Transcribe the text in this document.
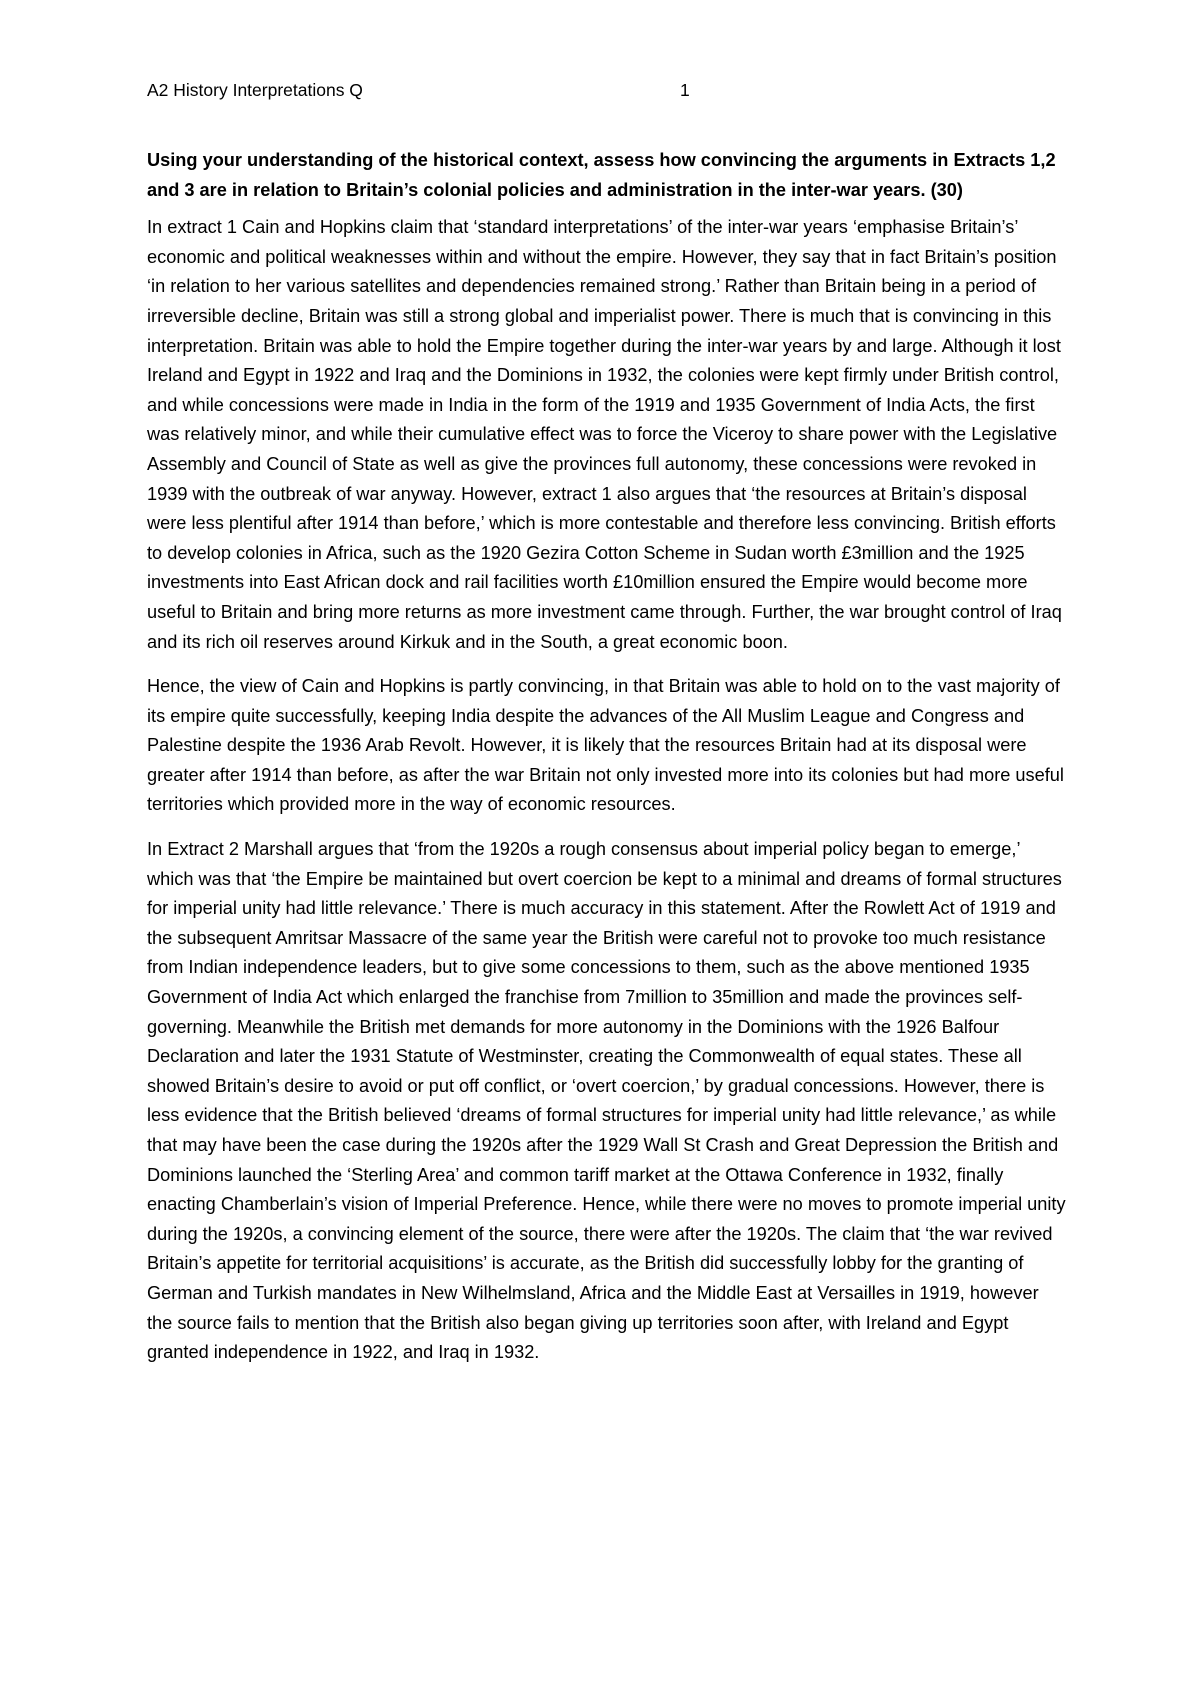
A2 History Interpretations Q	1

Using your understanding of the historical context, assess how convincing the arguments in Extracts 1,2 and 3 are in relation to Britain’s colonial policies and administration in the inter-war years. (30)

In extract 1 Cain and Hopkins claim that ‘standard interpretations’ of the inter-war years ‘emphasise Britain’s’ economic and political weaknesses within and without the empire. However, they say that in fact Britain’s position ‘in relation to her various satellites and dependencies remained strong.’ Rather than Britain being in a period of irreversible decline, Britain was still a strong global and imperialist power. There is much that is convincing in this interpretation. Britain was able to hold the Empire together during the inter-war years by and large. Although it lost Ireland and Egypt in 1922 and Iraq and the Dominions in 1932, the colonies were kept firmly under British control, and while concessions were made in India in the form of the 1919 and 1935 Government of India Acts, the first was relatively minor, and while their cumulative effect was to force the Viceroy to share power with the Legislative Assembly and Council of State as well as give the provinces full autonomy, these concessions were revoked in 1939 with the outbreak of war anyway. However, extract 1 also argues that ‘the resources at Britain’s disposal were less plentiful after 1914 than before,’ which is more contestable and therefore less convincing. British efforts to develop colonies in Africa, such as the 1920 Gezira Cotton Scheme in Sudan worth £3million and the 1925 investments into East African dock and rail facilities worth £10million ensured the Empire would become more useful to Britain and bring more returns as more investment came through. Further, the war brought control of Iraq and its rich oil reserves around Kirkuk and in the South, a great economic boon.

Hence, the view of Cain and Hopkins is partly convincing, in that Britain was able to hold on to the vast majority of its empire quite successfully, keeping India despite the advances of the All Muslim League and Congress and Palestine despite the 1936 Arab Revolt. However, it is likely that the resources Britain had at its disposal were greater after 1914 than before, as after the war Britain not only invested more into its colonies but had more useful territories which provided more in the way of economic resources.

In Extract 2 Marshall argues that ‘from the 1920s a rough consensus about imperial policy began to emerge,’ which was that ‘the Empire be maintained but overt coercion be kept to a minimal and dreams of formal structures for imperial unity had little relevance.’ There is much accuracy in this statement. After the Rowlett Act of 1919 and the subsequent Amritsar Massacre of the same year the British were careful not to provoke too much resistance from Indian independence leaders, but to give some concessions to them, such as the above mentioned 1935 Government of India Act which enlarged the franchise from 7million to 35million and made the provinces self-governing. Meanwhile the British met demands for more autonomy in the Dominions with the 1926 Balfour Declaration and later the 1931 Statute of Westminster, creating the Commonwealth of equal states. These all showed Britain’s desire to avoid or put off conflict, or ‘overt coercion,’ by gradual concessions. However, there is less evidence that the British believed ‘dreams of formal structures for imperial unity had little relevance,’ as while that may have been the case during the 1920s after the 1929 Wall St Crash and Great Depression the British and Dominions launched the ‘Sterling Area’ and common tariff market at the Ottawa Conference in 1932, finally enacting Chamberlain’s vision of Imperial Preference. Hence, while there were no moves to promote imperial unity during the 1920s, a convincing element of the source, there were after the 1920s. The claim that ‘the war revived Britain’s appetite for territorial acquisitions’ is accurate, as the British did successfully lobby for the granting of German and Turkish mandates in New Wilhelmsland, Africa and the Middle East at Versailles in 1919, however the source fails to mention that the British also began giving up territories soon after, with Ireland and Egypt granted independence in 1922, and Iraq in 1932.
